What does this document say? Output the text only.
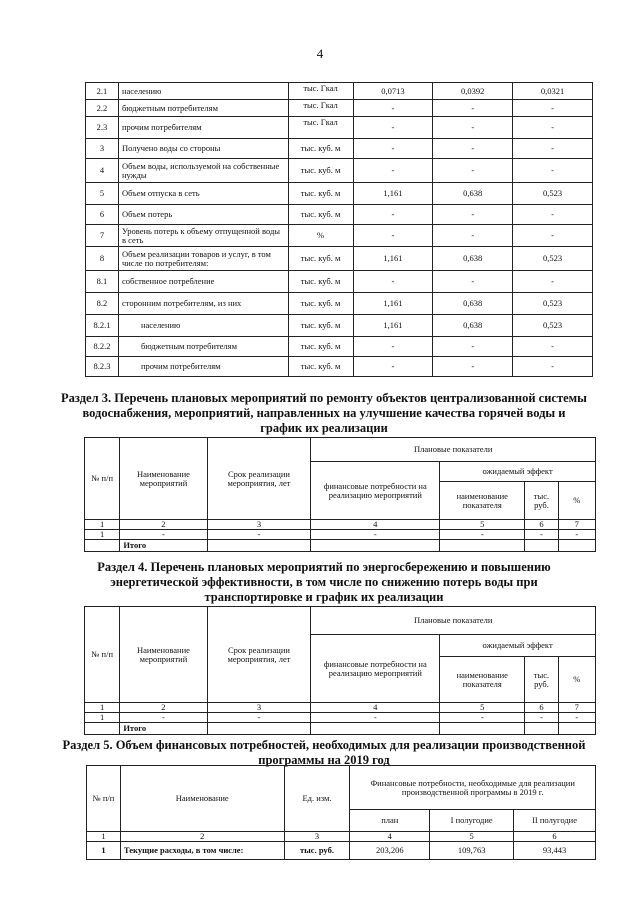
4
2.1	населению	тыс. Гкал	0,0713	0,0392	0,0321
2.2	бюджетным потребителям	тыс. Гкал	-	-	-
2.3	прочим потребителям	тыс. Гкал	-	-	-
3	Получено воды со стороны	тыс. куб. м	-	-	-
4	Объем воды, используемой на собственные нужды	тыс. куб. м	-	-	-
5	Объем отпуска в сеть	тыс. куб. м	1,161	0,638	0,523
6	Объем потерь	тыс. куб. м	-	-	-
7	Уровень потерь к объему отпущенной воды в сеть	%	-	-	-
8	Объем реализации товаров и услуг, в том числе по потребителям:	тыс. куб. м	1,161	0,638	0,523
8.1	собственное потребление	тыс. куб. м	-	-	-
8.2	сторонним потребителям, из них	тыс. куб. м	1,161	0,638	0,523
8.2.1	населению	тыс. куб. м	1,161	0,638	0,523
8.2.2	бюджетным потребителям	тыс. куб. м	-	-	-
8.2.3	прочим потребителям	тыс. куб. м	-	-	-
Раздел 3. Перечень плановых мероприятий по ремонту объектов централизованной системы водоснабжения, мероприятий, направленных на улучшение качества горячей воды и график их реализации
№ п/п	Наименование мероприятий	Срок реализации мероприятия, лет	Плановые показатели			
			финансовые потребности на реализацию мероприятий	ожидаемый эффект		
				наименование показателя	тыс. руб.	%
1	2	3	4	5	6	7
1	-	-	-	-	-	-
	Итого					
Раздел 4. Перечень плановых мероприятий по энергосбережению и повышению энергетической эффективности, в том числе по снижению потерь воды при транспортировке и график их реализации
№ п/п	Наименование мероприятий	Срок реализации мероприятия, лет	Плановые показатели			
			финансовые потребности на реализацию мероприятий	ожидаемый эффект		
				наименование показателя	тыс. руб.	%
1	2	3	4	5	6	7
1	-	-	-	-	-	-
	Итого					
Раздел 5. Объем финансовых потребностей, необходимых для реализации производственной программы на 2019 год
№ п/п	Наименование	Ед. изм.	Финансовые потребности, необходимые для реализации производственной программы в 2019 г.		
			план	I полугодие	II полугодие
1	2	3	4	5	6
1	Текущие расходы, в том числе:	тыс. руб.	203,206	109,763	93,443
